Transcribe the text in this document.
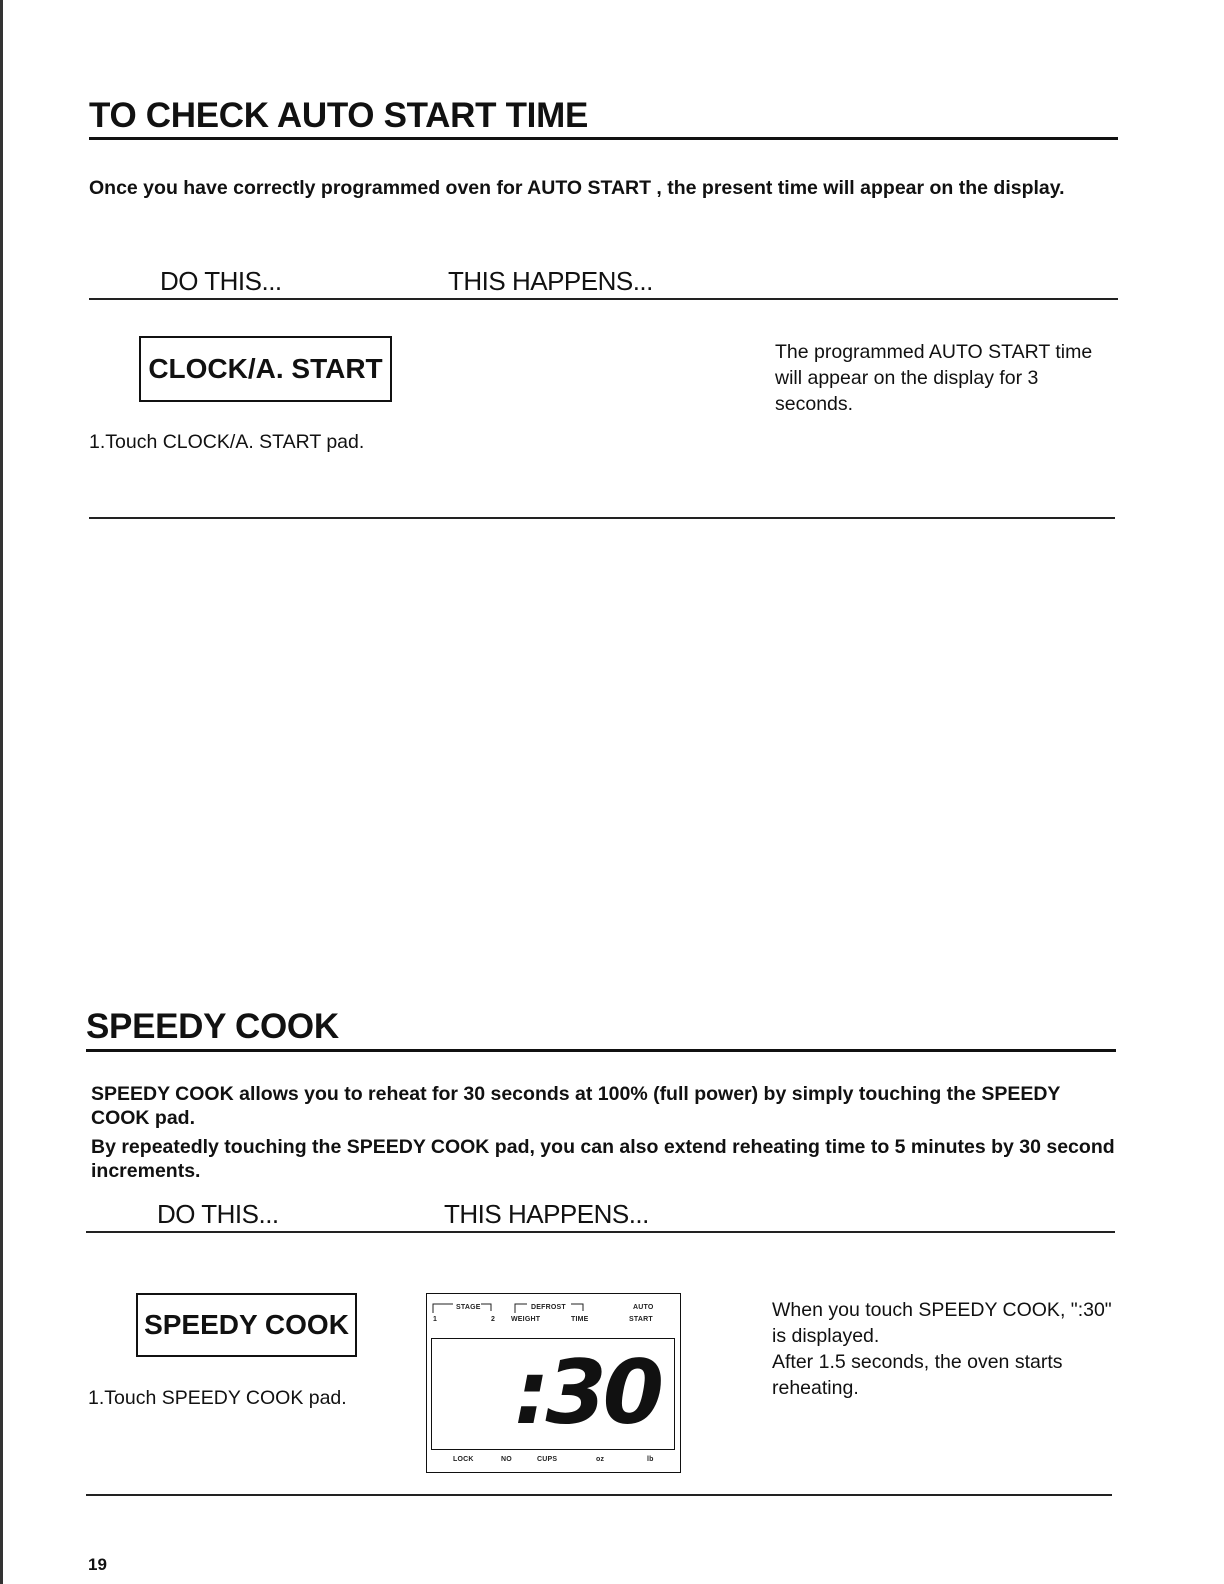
TO CHECK AUTO START TIME
Once you have correctly programmed oven for AUTO START , the present time will appear on the display.
DO THIS...	THIS HAPPENS...
CLOCK/A. START
1.Touch CLOCK/A. START pad.
The programmed AUTO START time will appear on the display for 3 seconds.
SPEEDY COOK
SPEEDY COOK allows you to reheat for 30 seconds at 100% (full power) by simply touching the SPEEDY COOK pad.
By repeatedly touching the SPEEDY COOK pad, you can also extend reheating time to 5 minutes by 30 second increments.
DO THIS...	THIS HAPPENS...
SPEEDY COOK
1.Touch SPEEDY COOK pad.
STAGE
1	2
DEFROST
WEIGHT	TIME
AUTO
START
:30
LOCK	NO	CUPS	oz	lb
When you touch SPEEDY COOK, ":30" is displayed.
After 1.5 seconds, the oven starts reheating.
19
